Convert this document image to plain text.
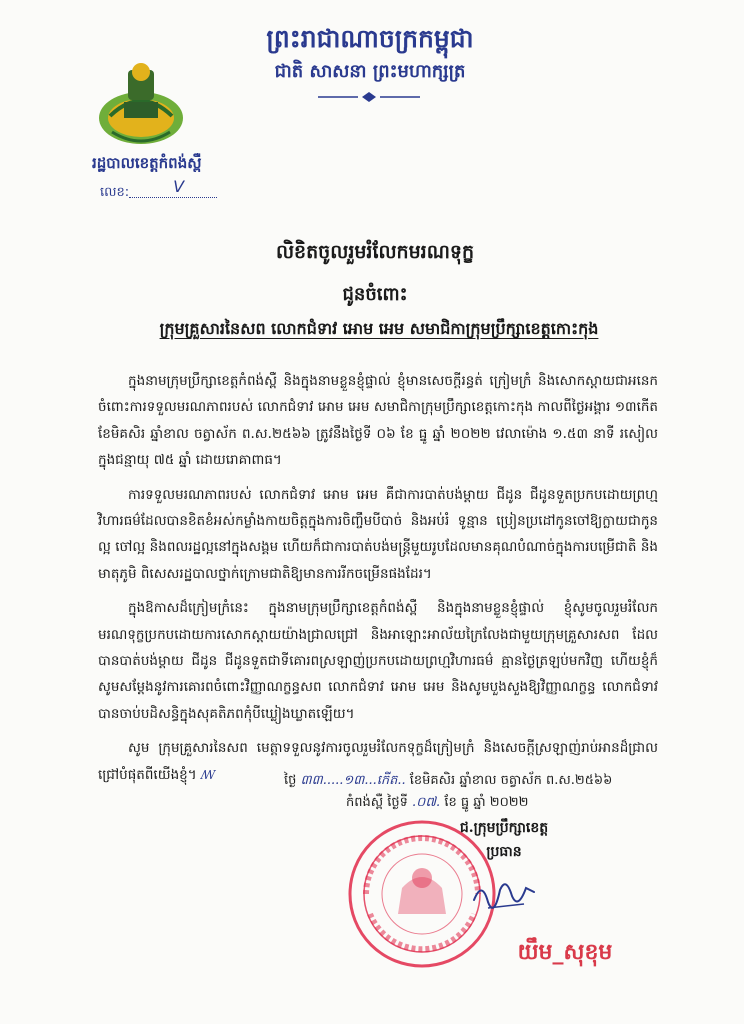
ព្រះរាជាណាចក្រកម្ពុជា
ជាតិ សាសនា ព្រះមហាក្សត្រ
រដ្ឋបាលខេត្តកំពង់ស្ពឺ
លេខ:	V
លិខិតចូលរួមរំលែកមរណទុក្ខ
ជូនចំពោះ
ក្រុមគ្រួសារនៃសព លោកជំទាវ អោម អេម សមាជិកាក្រុមប្រឹក្សាខេត្តកោះកុង

ក្នុងនាមក្រុមប្រឹក្សាខេត្តកំពង់ស្ពឺ និងក្នុងនាមខ្លួនខ្ញុំផ្ទាល់ ខ្ញុំមានសេចក្តីរន្ធត់ ក្រៀមក្រំ និងសោកស្តាយជាអនេកចំពោះការទទួលមរណភាពរបស់ លោកជំទាវ អោម អេម សមាជិកាក្រុមប្រឹក្សាខេត្តកោះកុង កាលពីថ្ងៃអង្គារ ១៣កើត ខែមិគសិរ ឆ្នាំខាល ចត្វាស័ក ព.ស.២៥៦៦ ត្រូវនឹងថ្ងៃទី ០៦ ខែ ធ្នូ ឆ្នាំ ២០២២ វេលាម៉ោង ១.៥៣ នាទី រសៀល ក្នុងជន្មាយុ ៧៥ ឆ្នាំ ដោយរោគាពាធ។

ការទទួលមរណភាពរបស់ លោកជំទាវ អោម អេម គឺជាការបាត់បង់ម្តាយ ជីដូន ជីដូនទួតប្រកបដោយព្រហ្មវិហារធម៌ដែលបានខិតខំអស់កម្លាំងកាយចិត្តក្នុងការចិញ្ចឹមបីបាច់ និងអប់រំ ទូន្មាន ប្រៀនប្រដៅកូនចៅឱ្យក្លាយជាកូនល្អ ចៅល្អ និងពលរដ្ឋល្អនៅក្នុងសង្គម ហើយក៏ជាការបាត់បង់មន្ត្រីមួយរូបដែលមានគុណបំណាច់ក្នុងការបម្រើជាតិ និងមាតុភូមិ ពិសេសរដ្ឋបាលថ្នាក់ក្រោមជាតិឱ្យមានការរីកចម្រើនផងដែរ។

ក្នុងឱកាសដ៏ក្រៀមក្រំនេះ ក្នុងនាមក្រុមប្រឹក្សាខេត្តកំពង់ស្ពឺ និងក្នុងនាមខ្លួនខ្ញុំផ្ទាល់ ខ្ញុំសូមចូលរួមរំលែកមរណទុក្ខប្រកបដោយការសោកស្តាយយ៉ាងជ្រាលជ្រៅ និងអាឡោះអាល័យក្រៃលែងជាមួយក្រុមគ្រួសារសព ដែលបានបាត់បង់ម្តាយ ជីដូន ជីដូនទួតជាទីគោរពស្រឡាញ់ប្រកបដោយព្រហ្មវិហារធម៌ គ្មានថ្ងៃត្រឡប់មកវិញ ហើយខ្ញុំក៏សូមសម្តែងនូវការគោរពចំពោះវិញ្ញាណក្ខន្ធសព លោកជំទាវ អោម អេម និងសូមបួងសួងឱ្យវិញ្ញាណក្ខន្ធ លោកជំទាវ បានចាប់បដិសន្ធិក្នុងសុគតិភពកុំបីឃ្លៀងឃ្លាតឡើយ។

សូម ក្រុមគ្រួសារនៃសព មេត្តាទទួលនូវការចូលរួមរំលែកទុក្ខដ៏ក្រៀមក្រំ និងសេចក្តីស្រឡាញ់រាប់អានដ៏ជ្រាលជ្រៅបំផុតពីយើងខ្ញុំ។ ꟿ	ថ្ងៃ ៣៣.....១៣...កើត.. ខែមិគសិរ ឆ្នាំខាល ចត្វាស័ក ព.ស.២៥៦៦
កំពង់ស្ពឺ ថ្ងៃទី .០៧. ខែ ធ្នូ ឆ្នាំ ២០២២
ជ.ក្រុមប្រឹក្សាខេត្ត
ប្រធាន
យឹម_សុខុម
